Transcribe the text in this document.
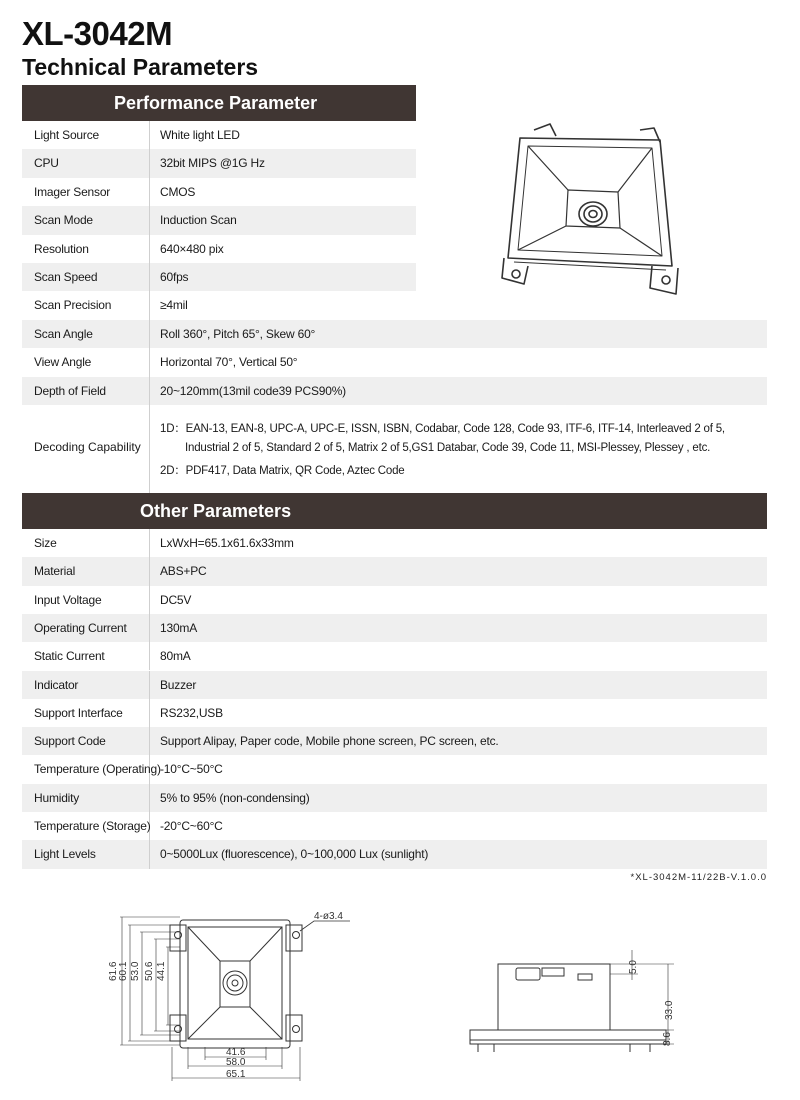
XL-3042M
Technical Parameters
Performance Parameter
Light Source	White light LED
CPU	32bit MIPS @1G Hz
Imager Sensor	CMOS
Scan Mode	Induction Scan
Resolution	640×480 pix
Scan Speed	60fps
Scan Precision	≥4mil
Scan Angle	Roll 360°, Pitch 65°, Skew 60°
View Angle	Horizontal 70°, Vertical 50°
Depth of Field	20~120mm(13mil code39 PCS90%)
Decoding Capability
1D：EAN-13, EAN-8, UPC-A, UPC-E, ISSN, ISBN, Codabar, Code 128, Code 93, ITF-6, ITF-14, Interleaved 2 of 5,
Industrial 2 of 5, Standard 2 of 5, Matrix 2 of 5,GS1 Databar, Code 39, Code 11, MSI-Plessey, Plessey , etc.
2D：PDF417, Data Matrix, QR Code, Aztec Code
Other Parameters
Size	LxWxH=65.1x61.6x33mm
Material	ABS+PC
Input Voltage	DC5V
Operating Current	130mA
Static Current	80mA
Indicator	Buzzer
Support Interface	RS232,USB
Support Code	Support Alipay, Paper code, Mobile phone screen, PC screen, etc.
Temperature (Operating) -10°C~50°C
Humidity	5% to 95% (non-condensing)
Temperature (Storage) -20°C~60°C
Light Levels	0~5000Lux (fluorescence), 0~100,000 Lux (sunlight)
*XL-3042M-11/22B-V.1.0.0
4-ø3.4
61.6 60.1 53.0 50.6 44.1
41.6
58.0
65.1
5.0
33.0
8.6
